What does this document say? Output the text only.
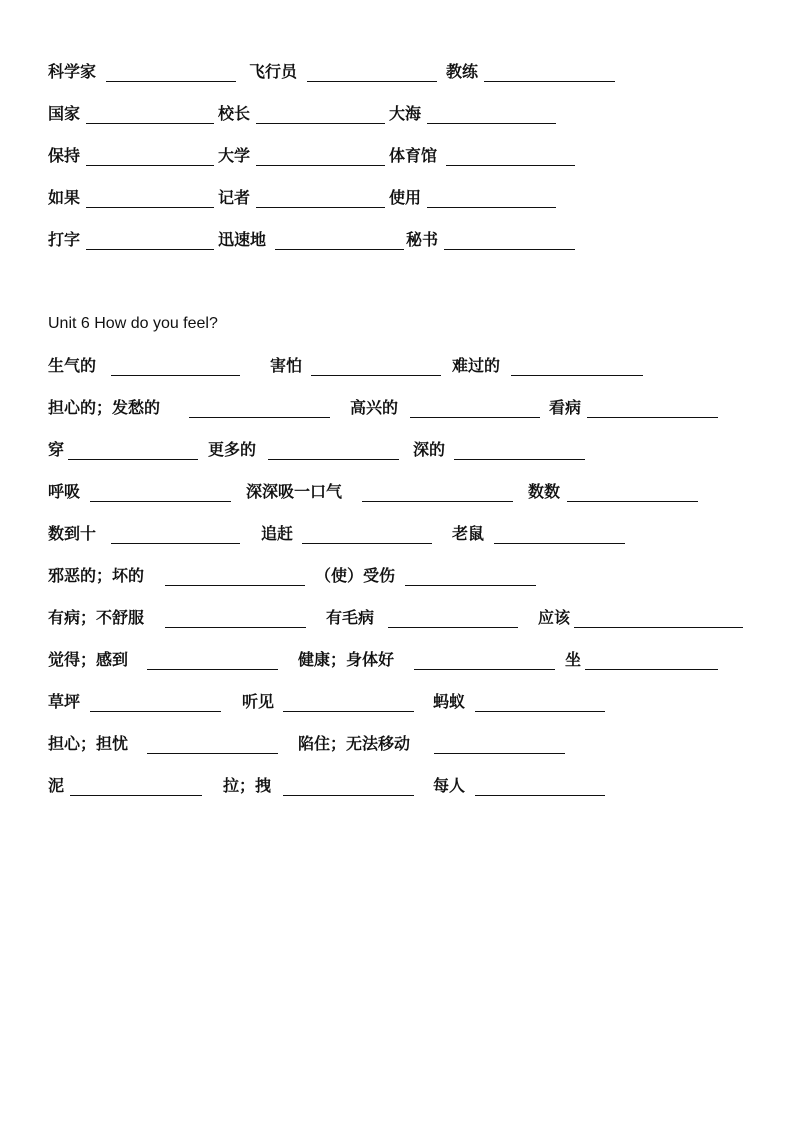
科学家	飞行员	教练
国家	校长	大海
保持	大学	体育馆
如果	记者	使用
打字	迅速地	秘书
Unit 6 How do you feel?
生气的	害怕	难过的
担心的；发愁的	高兴的	看病
穿	更多的	深的
呼吸	深深吸一口气	数数
数到十	追赶	老鼠
邪恶的；坏的	（使）受伤
有病；不舒服	有毛病	应该
觉得；感到	健康；身体好	坐
草坪	听见	蚂蚁
担心；担忧	陷住；无法移动
泥	拉；拽	每人
